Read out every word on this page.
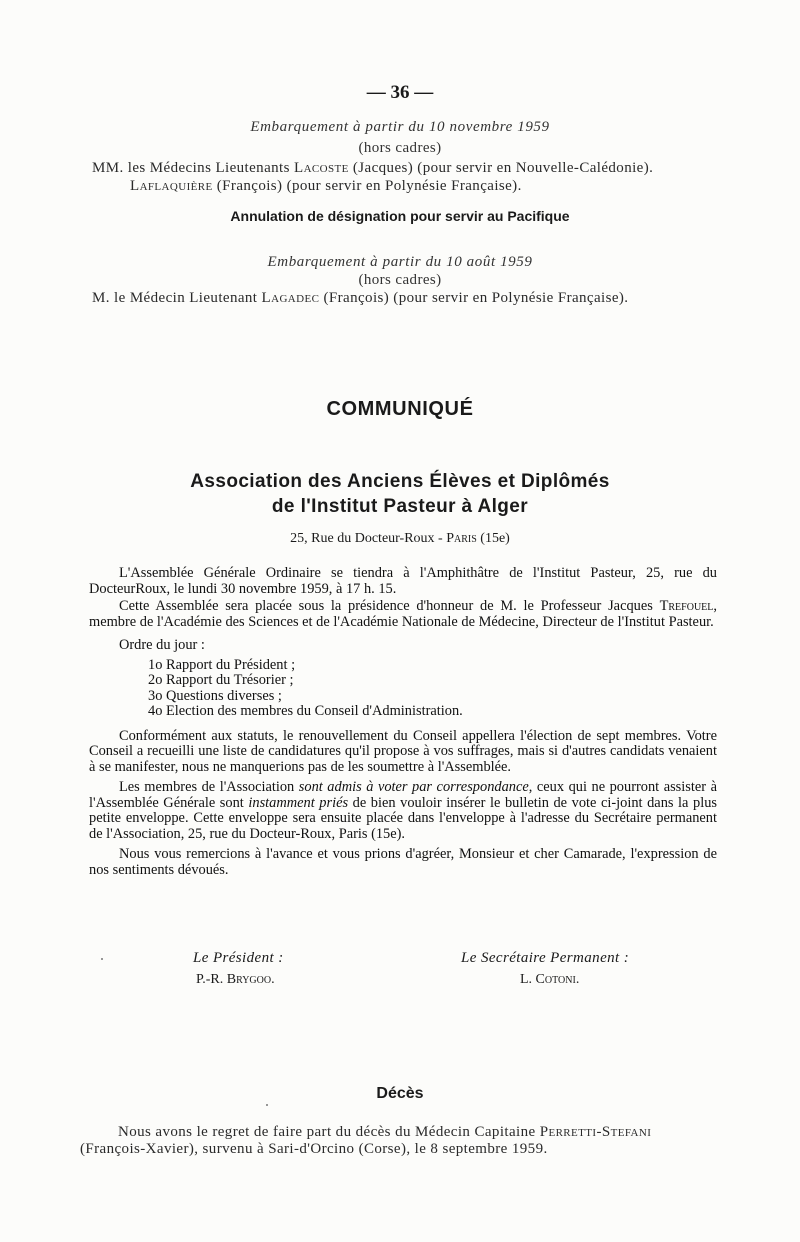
— 36 —
Embarquement à partir du 10 novembre 1959
(hors cadres)
MM. les Médecins Lieutenants Lacoste (Jacques) (pour servir en Nouvelle-Calédonie).
Laflaquière (François) (pour servir en Polynésie Française).
Annulation de désignation pour servir au Pacifique
Embarquement à partir du 10 août 1959
(hors cadres)
M. le Médecin Lieutenant Lagadec (François) (pour servir en Polynésie Française).
COMMUNIQUÉ
Association des Anciens Élèves et Diplômés
de l'Institut Pasteur à Alger
25, Rue du Docteur-Roux - Paris (15e)

L'Assemblée Générale Ordinaire se tiendra à l'Amphithâtre de l'Institut Pasteur, 25, rue du DocteurRoux, le lundi 30 novembre 1959, à 17 h. 15.

Cette Assemblée sera placée sous la présidence d'honneur de M. le Professeur Jacques Trefouel, membre de l'Académie des Sciences et de l'Académie Nationale de Médecine, Directeur de l'Institut Pasteur.

Ordre du jour :

1o Rapport du Président ;
2o Rapport du Trésorier ;
3o Questions diverses ;
4o Election des membres du Conseil d'Administration.

Conformément aux statuts, le renouvellement du Conseil appellera l'élection de sept membres. Votre Conseil a recueilli une liste de candidatures qu'il propose à vos suffrages, mais si d'autres candidats venaient à se manifester, nous ne manquerions pas de les soumettre à l'Assemblée.

Les membres de l'Association sont admis à voter par correspondance, ceux qui ne pourront assister à l'Assemblée Générale sont instamment priés de bien vouloir insérer le bulletin de vote ci-joint dans la plus petite enveloppe. Cette enveloppe sera ensuite placée dans l'enveloppe à l'adresse du Secrétaire permanent de l'Association, 25, rue du Docteur-Roux, Paris (15e).

Nous vous remercions à l'avance et vous prions d'agréer, Monsieur et cher Camarade, l'expression de nos sentiments dévoués.

Le Président :
P.-R. Brygoo.
Le Secrétaire Permanent :
L. Cotoni.
Décès
Nous avons le regret de faire part du décès du Médecin Capitaine Perretti-Stefani
(François-Xavier), survenu à Sari-d'Orcino (Corse), le 8 septembre 1959.
